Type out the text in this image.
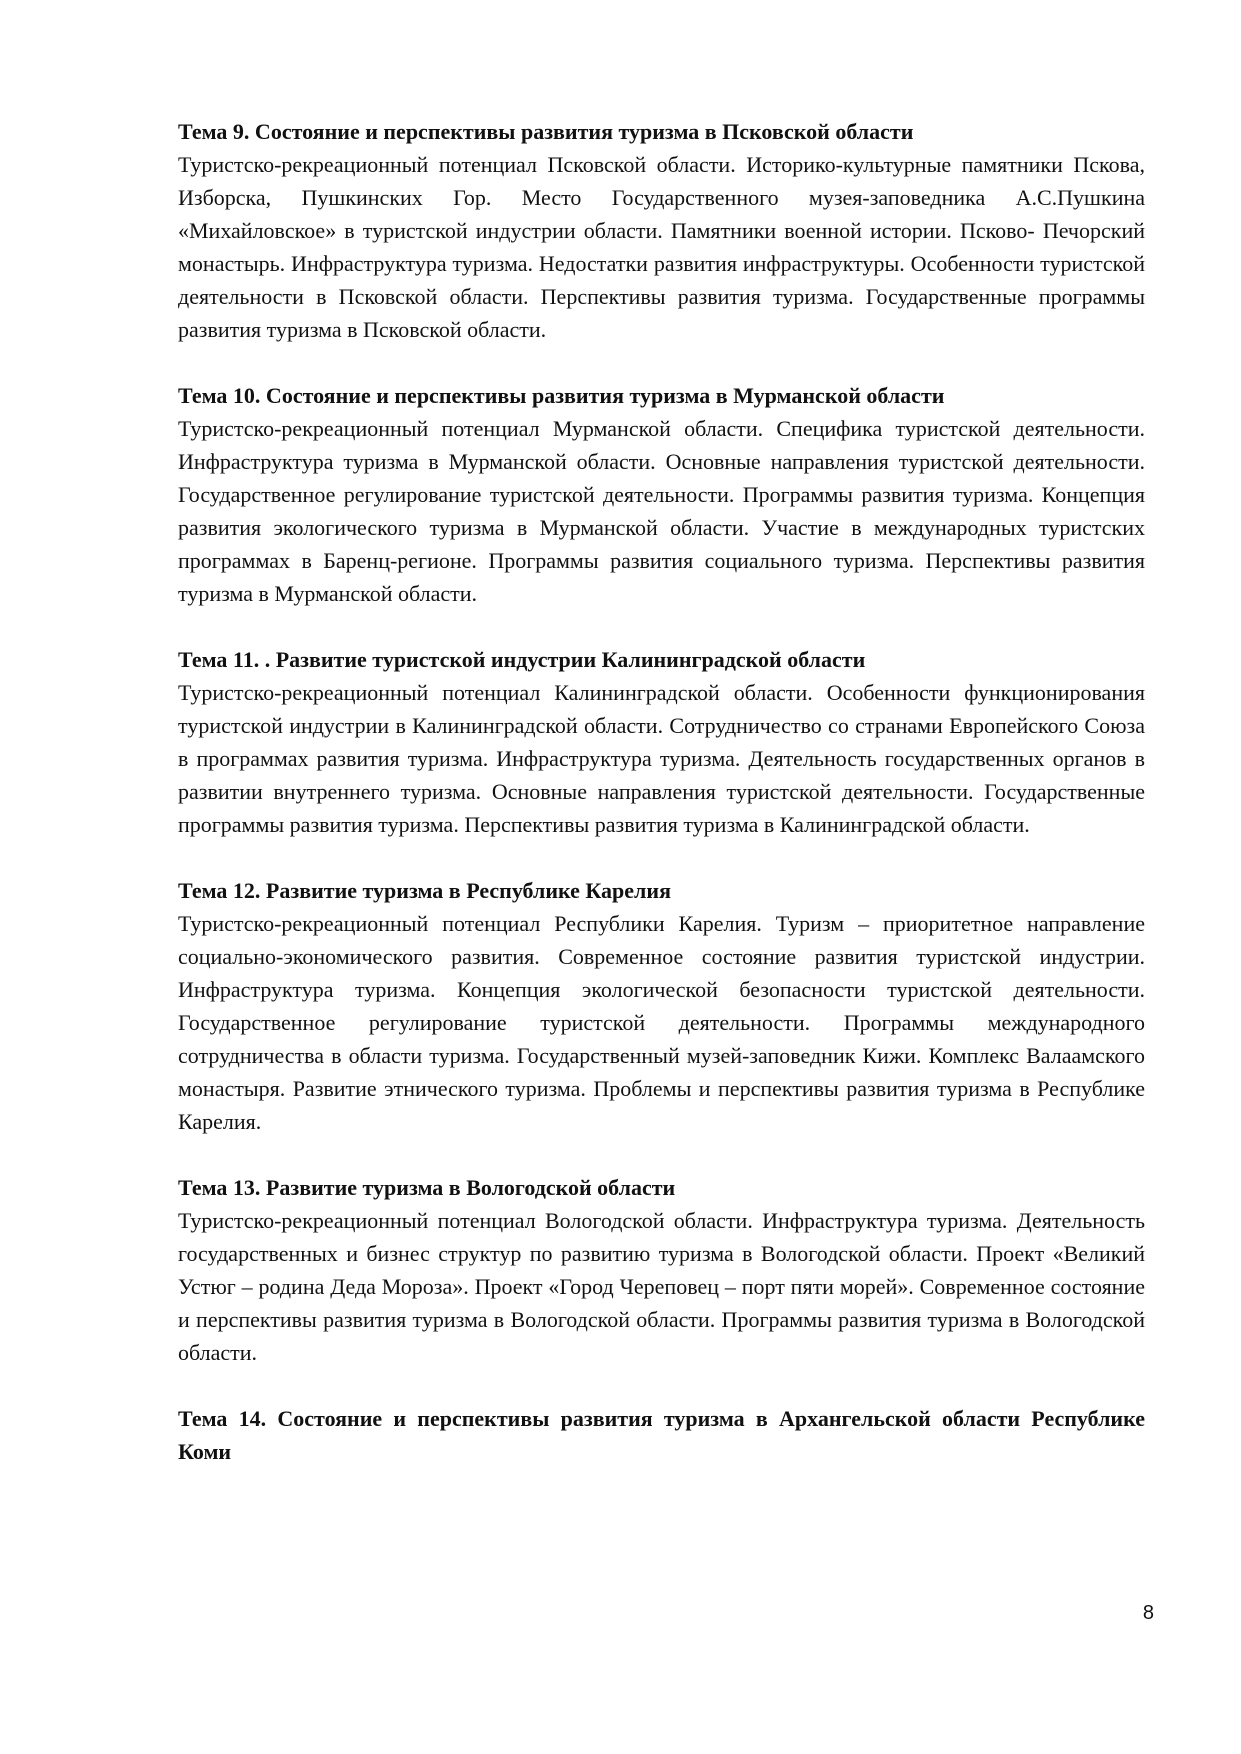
Тема 9. Состояние и перспективы развития туризма в Псковской области

Туристско-рекреационный потенциал Псковской области. Историко-культурные памятники Пскова, Изборска, Пушкинских Гор. Место Государственного музея-заповедника А.С.Пушкина «Михайловское» в туристской индустрии области. Памятники военной истории. Псково- Печорский монастырь. Инфраструктура туризма. Недостатки развития инфраструктуры. Особенности туристской деятельности в Псковской области. Перспективы развития туризма. Государственные программы развития туризма в Псковской области.

Тема 10. Состояние и перспективы развития туризма в Мурманской области

Туристско-рекреационный потенциал Мурманской области. Специфика туристской деятельности. Инфраструктура туризма в Мурманской области. Основные направления туристской деятельности. Государственное регулирование туристской деятельности. Программы развития туризма. Концепция развития экологического туризма в Мурманской области. Участие в международных туристских программах в Баренц-регионе. Программы развития социального туризма. Перспективы развития туризма в Мурманской области.

Тема 11. . Развитие туристской индустрии Калининградской области

Туристско-рекреационный потенциал Калининградской области. Особенности функционирования туристской индустрии в Калининградской области. Сотрудничество со странами Европейского Союза в программах развития туризма. Инфраструктура туризма. Деятельность государственных органов в развитии внутреннего туризма. Основные направления туристской деятельности. Государственные программы развития туризма. Перспективы развития туризма в Калининградской области.

Тема 12. Развитие туризма в Республике Карелия

Туристско-рекреационный потенциал Республики Карелия. Туризм – приоритетное направление социально-экономического развития. Современное состояние развития туристской индустрии. Инфраструктура туризма. Концепция экологической безопасности туристской деятельности. Государственное регулирование туристской деятельности. Программы международного сотрудничества в области туризма. Государственный музей-заповедник Кижи. Комплекс Валаамского монастыря. Развитие этнического туризма. Проблемы и перспективы развития туризма в Республике Карелия.

Тема 13. Развитие туризма в Вологодской области

Туристско-рекреационный потенциал Вологодской области. Инфраструктура туризма. Деятельность государственных и бизнес структур по развитию туризма в Вологодской области. Проект «Великий Устюг – родина Деда Мороза». Проект «Город Череповец – порт пяти морей». Современное состояние и перспективы развития туризма в Вологодской области. Программы развития туризма в Вологодской области.

Тема 14. Состояние и перспективы развития туризма в Архангельской области Республике Коми

8
